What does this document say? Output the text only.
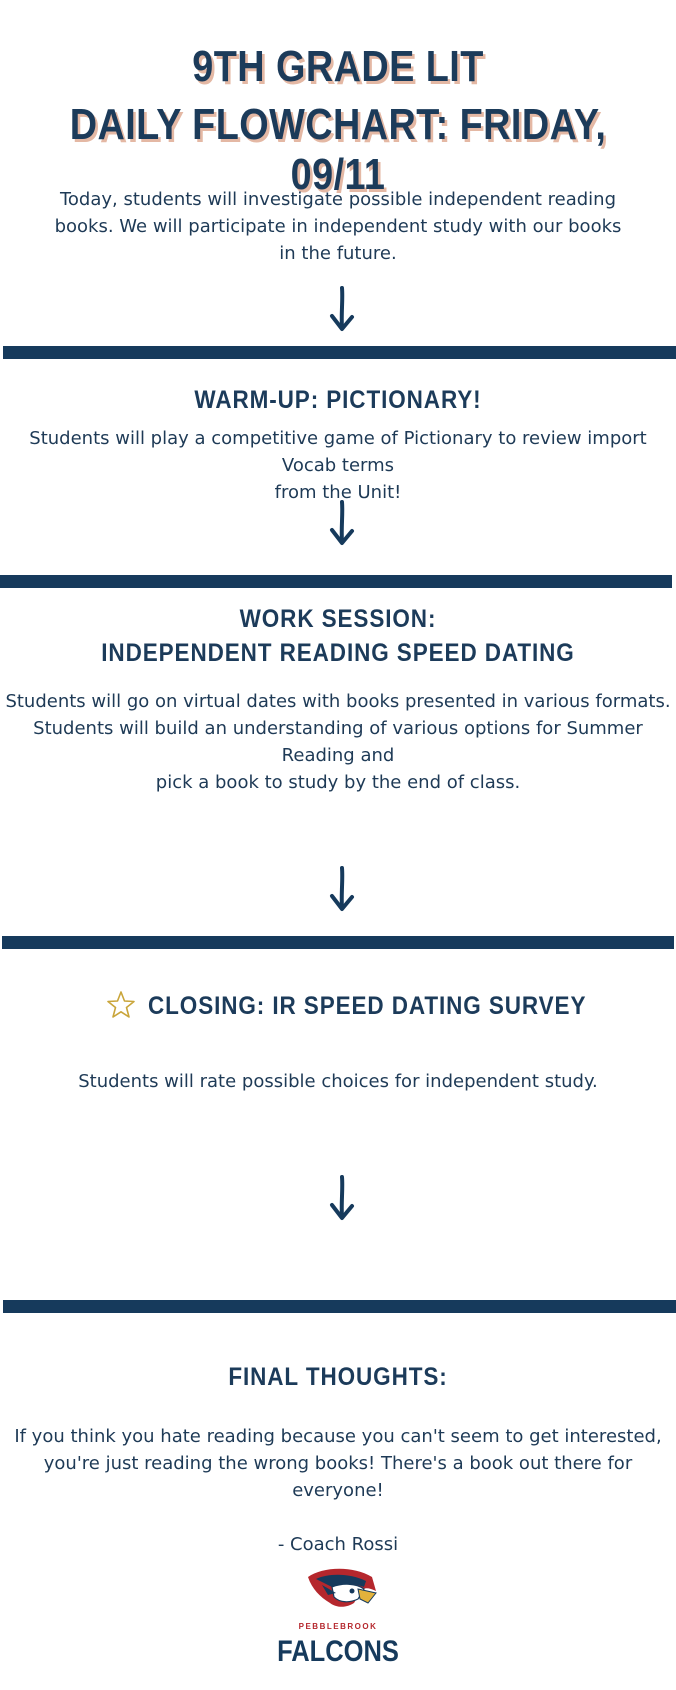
9TH GRADE LIT
DAILY FLOWCHART: FRIDAY, 09/11
Today, students will investigate possible independent reading
books. We will participate in independent study with our books
in the future.
WARM-UP: PICTIONARY!
Students will play a competitive game of Pictionary to review import Vocab terms
from the Unit!
WORK SESSION:
INDEPENDENT READING SPEED DATING
Students will go on virtual dates with books presented in various formats.
Students will build an understanding of various options for Summer Reading and
pick a book to study by the end of class.
CLOSING: IR SPEED DATING SURVEY
Students will rate possible choices for independent study.
FINAL THOUGHTS:
If you think you hate reading because you can't seem to get interested,
you're just reading the wrong books! There's a book out there for
everyone!
- Coach Rossi
PEBBLEBROOK
FALCONS
